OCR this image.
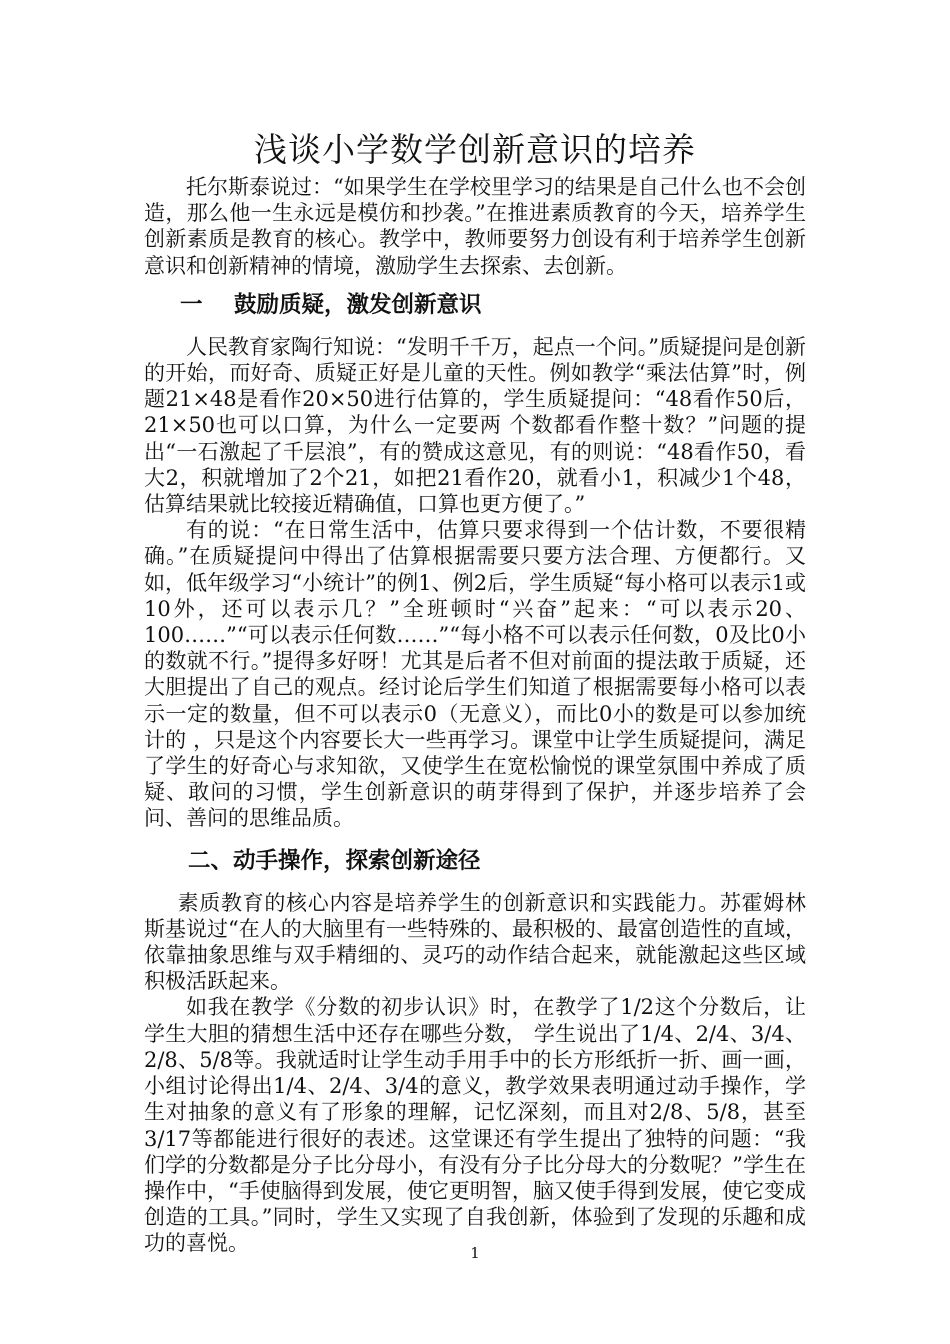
浅谈小学数学创新意识的培养

托尔斯泰说过：“如果学生在学校里学习的结果是自己什么也不会创造，那么他一生永远是模仿和抄袭。”在推进素质教育的今天，培养学生创新素质是教育的核心。教学中，教师要努力创设有利于培养学生创新意识和创新精神的情境，激励学生去探索、去创新。

一 鼓励质疑，激发创新意识

人民教育家陶行知说：“发明千千万，起点一个问。”质疑提问是创新的开始，而好奇、质疑正好是儿童的天性。例如教学“乘法估算”时，例题21×48是看作20×50进行估算的，学生质疑提问：“48看作50后，21×50也可以口算，为什么一定要两 个数都看作整十数？”问题的提出“一石激起了千层浪”，有的赞成这意见，有的则说：“48看作50，看大2，积就增加了2个21，如把21看作20，就看小1，积减少1个48，估算结果就比较接近精确值，口算也更方便了。”

有的说：“在日常生活中，估算只要求得到一个估计数，不要很精确。”在质疑提问中得出了估算根据需要只要方法合理、方便都行。又如，低年级学习“小统计”的例1、例2后，学生质疑“每小格可以表示1或10外，还可以表示几？”全班顿时“兴奋”起来：“可以表示20、100……”“可以表示任何数……”“每小格不可以表示任何数，0及比0小的数就不行。”提得多好呀！尤其是后者不但对前面的提法敢于质疑，还大胆提出了自己的观点。经讨论后学生们知道了根据需要每小格可以表示一定的数量，但不可以表示0（无意义），而比0小的数是可以参加统计的 ，只是这个内容要长大一些再学习。课堂中让学生质疑提问，满足了学生的好奇心与求知欲，又使学生在宽松愉悦的课堂氛围中养成了质疑、敢问的习惯，学生创新意识的萌芽得到了保护，并逐步培养了会问、善问的思维品质。

二、动手操作，探索创新途径

素质教育的核心内容是培养学生的创新意识和实践能力。苏霍姆林斯基说过“在人的大脑里有一些特殊的、最积极的、最富创造性的直域，依靠抽象思维与双手精细的、灵巧的动作结合起来，就能激起这些区域积极活跃起来。

如我在教学《分数的初步认识》时，在教学了1/2这个分数后，让学生大胆的猜想生活中还存在哪些分数， 学生说出了1/4、2/4、3/4、2/8、5/8等。我就适时让学生动手用手中的长方形纸折一折、画一画，小组讨论得出1/4、2/4、3/4的意义，教学效果表明通过动手操作，学生对抽象的意义有了形象的理解，记忆深刻，而且对2/8、5/8，甚至3/17等都能进行很好的表述。这堂课还有学生提出了独特的问题：“我们学的分数都是分子比分母小，有没有分子比分母大的分数呢？”学生在操作中，“手使脑得到发展，使它更明智，脑又使手得到发展，使它变成创造的工具。”同时，学生又实现了自我创新，体验到了发现的乐趣和成功的喜悦。	1
